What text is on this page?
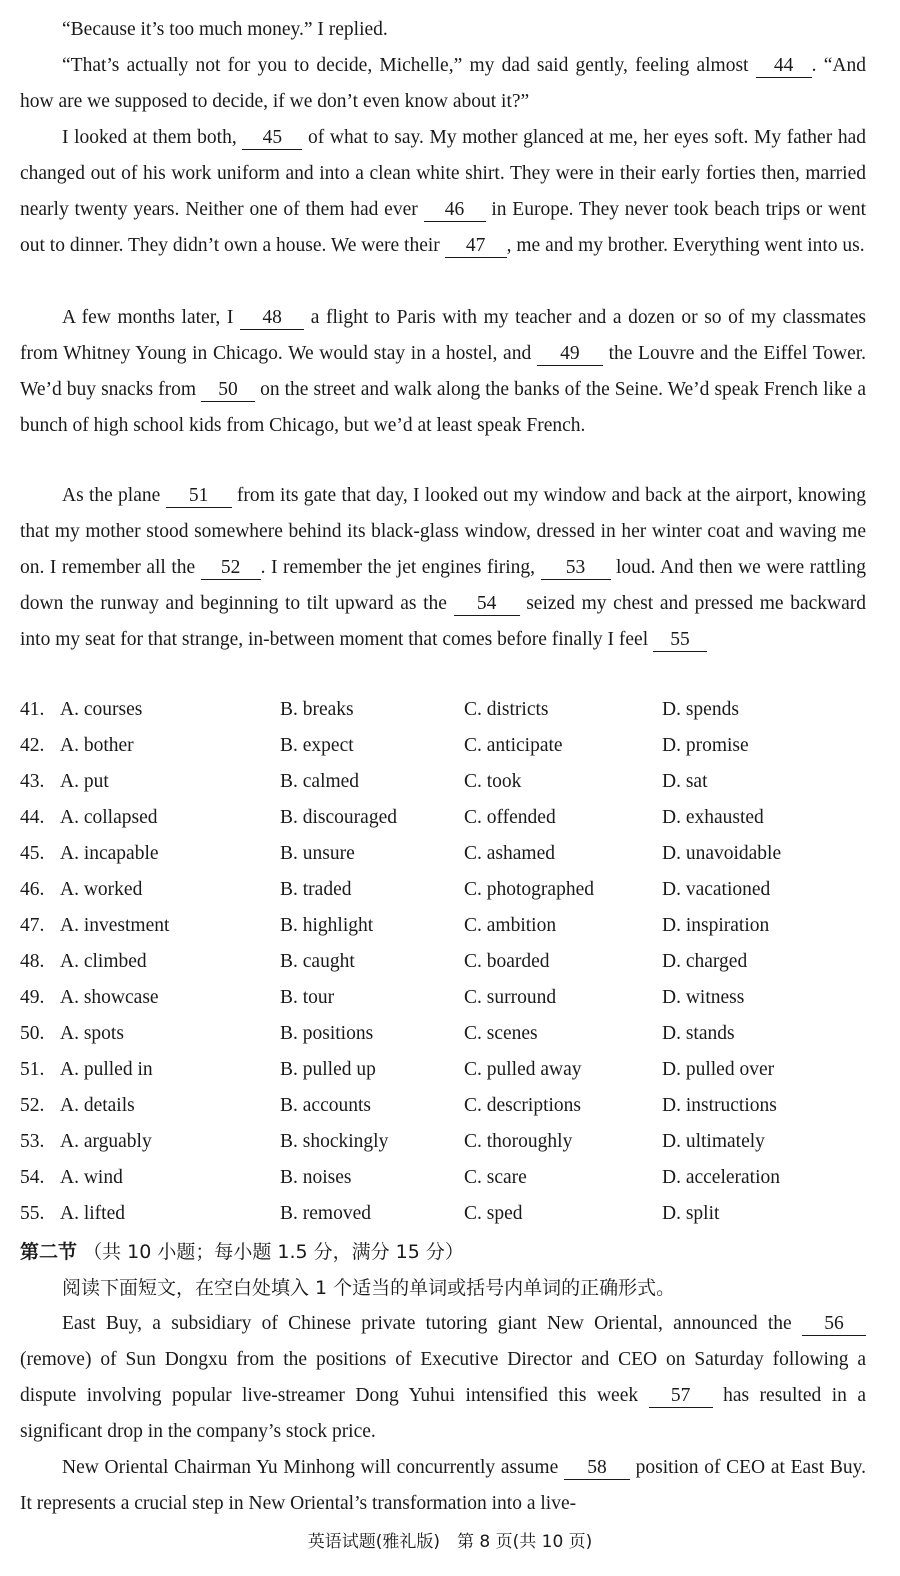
“Because it’s too much money.” I replied.
“That’s actually not for you to decide, Michelle,” my dad said gently, feeling almost 44 . “And how are we supposed to decide, if we don’t even know about it?”
I looked at them both, 45 of what to say. My mother glanced at me, her eyes soft. My father had changed out of his work uniform and into a clean white shirt. They were in their early forties then, married nearly twenty years. Neither one of them had ever 46 in Europe. They never took beach trips or went out to dinner. They didn’t own a house. We were their 47 , me and my brother. Everything went into us.
A few months later, I 48 a flight to Paris with my teacher and a dozen or so of my classmates from Whitney Young in Chicago. We would stay in a hostel, and 49 the Louvre and the Eiffel Tower. We’d buy snacks from 50 on the street and walk along the banks of the Seine. We’d speak French like a bunch of high school kids from Chicago, but we’d at least speak French.
As the plane 51 from its gate that day, I looked out my window and back at the airport, knowing that my mother stood somewhere behind its black-glass window, dressed in her winter coat and waving me on. I remember all the 52 . I remember the jet engines firing, 53 loud. And then we were rattling down the runway and beginning to tilt upward as the 54 seized my chest and pressed me backward into my seat for that strange, in-between moment that comes before finally I feel 55
41. A. courses	B. breaks	C. districts	D. spends
42. A. bother	B. expect	C. anticipate	D. promise
43. A. put	B. calmed	C. took	D. sat
44. A. collapsed	B. discouraged	C. offended	D. exhausted
45. A. incapable	B. unsure	C. ashamed	D. unavoidable
46. A. worked	B. traded	C. photographed	D. vacationed
47. A. investment	B. highlight	C. ambition	D. inspiration
48. A. climbed	B. caught	C. boarded	D. charged
49. A. showcase	B. tour	C. surround	D. witness
50. A. spots	B. positions	C. scenes	D. stands
51. A. pulled in	B. pulled up	C. pulled away	D. pulled over
52. A. details	B. accounts	C. descriptions	D. instructions
53. A. arguably	B. shockingly	C. thoroughly	D. ultimately
54. A. wind	B. noises	C. scare	D. acceleration
55. A. lifted	B. removed	C. sped	D. split
第二节 （共 10 小题；每小题 1.5 分，满分 15 分）
阅读下面短文，在空白处填入 1 个适当的单词或括号内单词的正确形式。
East Buy, a subsidiary of Chinese private tutoring giant New Oriental, announced the 56 (remove) of Sun Dongxu from the positions of Executive Director and CEO on Saturday following a dispute involving popular live-streamer Dong Yuhui intensified this week 57 has resulted in a significant drop in the company’s stock price.
New Oriental Chairman Yu Minhong will concurrently assume 58 position of CEO at East Buy. It represents a crucial step in New Oriental’s transformation into a live-
英语试题(雅礼版)　第 8 页(共 10 页)
